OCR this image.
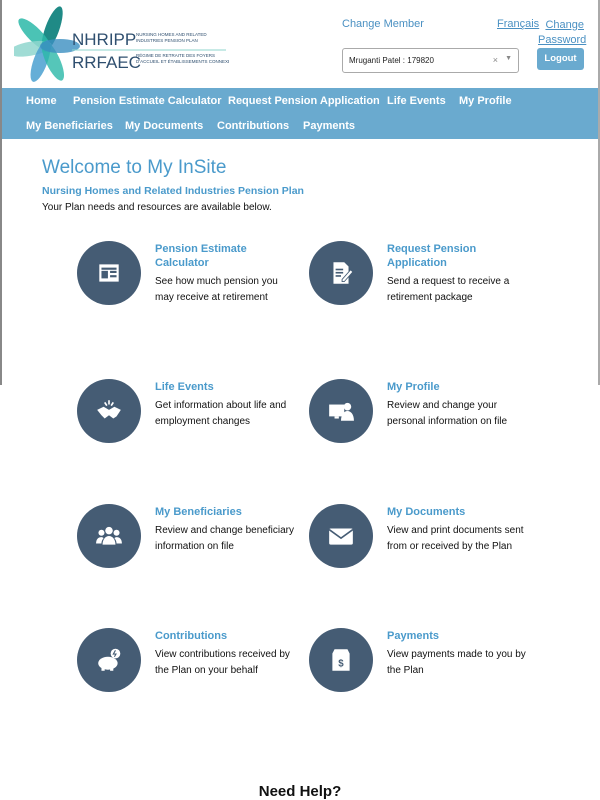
NHRIPP NURSING HOMES AND RELATED
INDUSTRIES PENSION PLAN
RRFAEC
RÉGIME DE RETRAITE DES FOYERS
D'ACCUEIL ET ÉTABLISSEMENTS CONNEXES
Change Member	Français Change Password
Mruganti Patel : 179820	× ▼	Logout
Home Pension Estimate Calculator Request Pension Application Life Events My Profile
My Beneficiaries My Documents Contributions Payments
Welcome to My InSite
Nursing Homes and Related Industries Pension Plan
Your Plan needs and resources are available below.
Pension Estimate Calculator
See how much pension you may receive at retirement
Request Pension Application
Send a request to receive a retirement package
Life Events
Get information about life and employment changes
My Profile
Review and change your personal information on file
My Beneficiaries
Review and change beneficiary information on file
My Documents
View and print documents sent from or received by the Plan
Contributions
View contributions received by the Plan on your behalf
$
Payments
View payments made to you by the Plan
Need Help?
